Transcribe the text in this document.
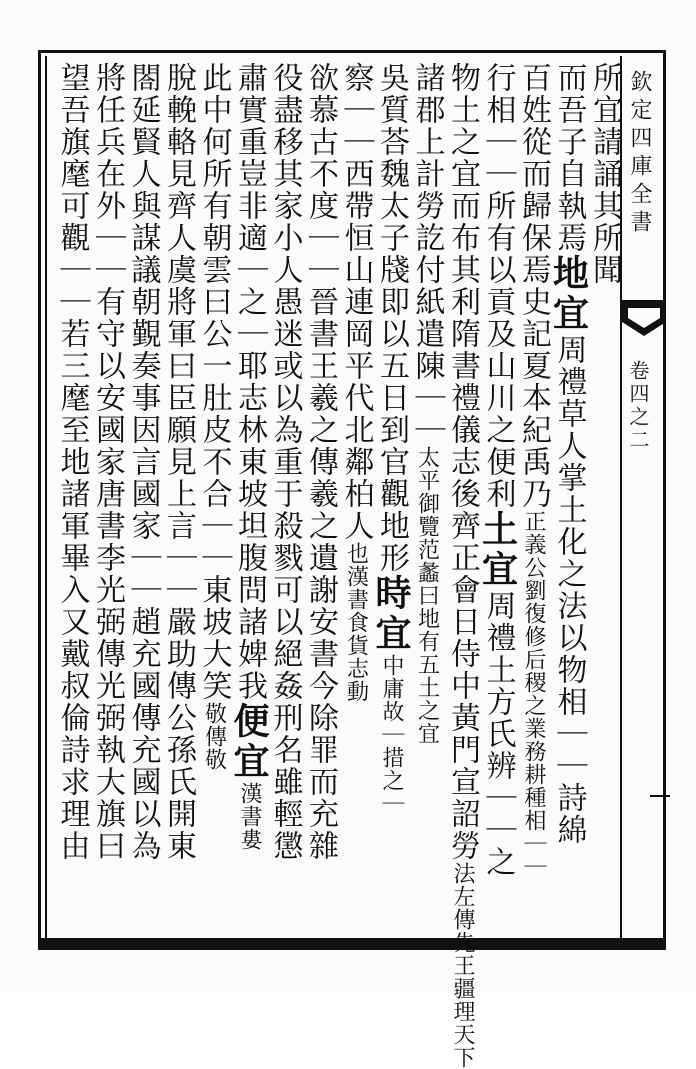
欽定四庫全書
卷四之二
所宜請誦其所聞
而吾子自執焉地宜周禮草人掌土化之法以物相｜｜詩綿
百姓從而歸保焉史記夏本紀禹乃正義公劉復修后稷之業務耕種相｜｜
行相｜｜所有以貢及山川之便利土宜周禮土方氏辨｜｜之
物土之宜而布其利隋書禮儀志後齊正會日侍中黃門宣詔勞法左傳先王疆理天下
諸郡上計勞訖付紙遣陳｜｜太平御覽范蠡曰地有五土之宜
吳質荅魏太子牋即以五日到官觀地形時宜中庸故｜措之｜
察｜｜西帶恒山連岡平代北鄰柏人也漢書食貨志動
欲慕古不度｜｜晉書王羲之傳羲之遺謝安書今除罪而充雜
役盡移其家小人愚迷或以為重于殺戮可以絕姦刑名雖輕懲
肅實重豈非適｜之｜耶志林東坡坦腹問諸婢我便宜漢書婁
此中何所有朝雲曰公一肚皮不合｜｜東坡大笑敬傳敬
脫輓輅見齊人虞將軍曰臣願見上言｜｜嚴助傳公孫氏開東
閤延賢人與謀議朝覲奏事因言國家｜｜趙充國傳充國以為
將任兵在外｜｜有守以安國家唐書李光弼傳光弼執大旗曰
望吾旗麾可觀｜｜若三麾至地諸軍畢入又戴叔倫詩求理由
